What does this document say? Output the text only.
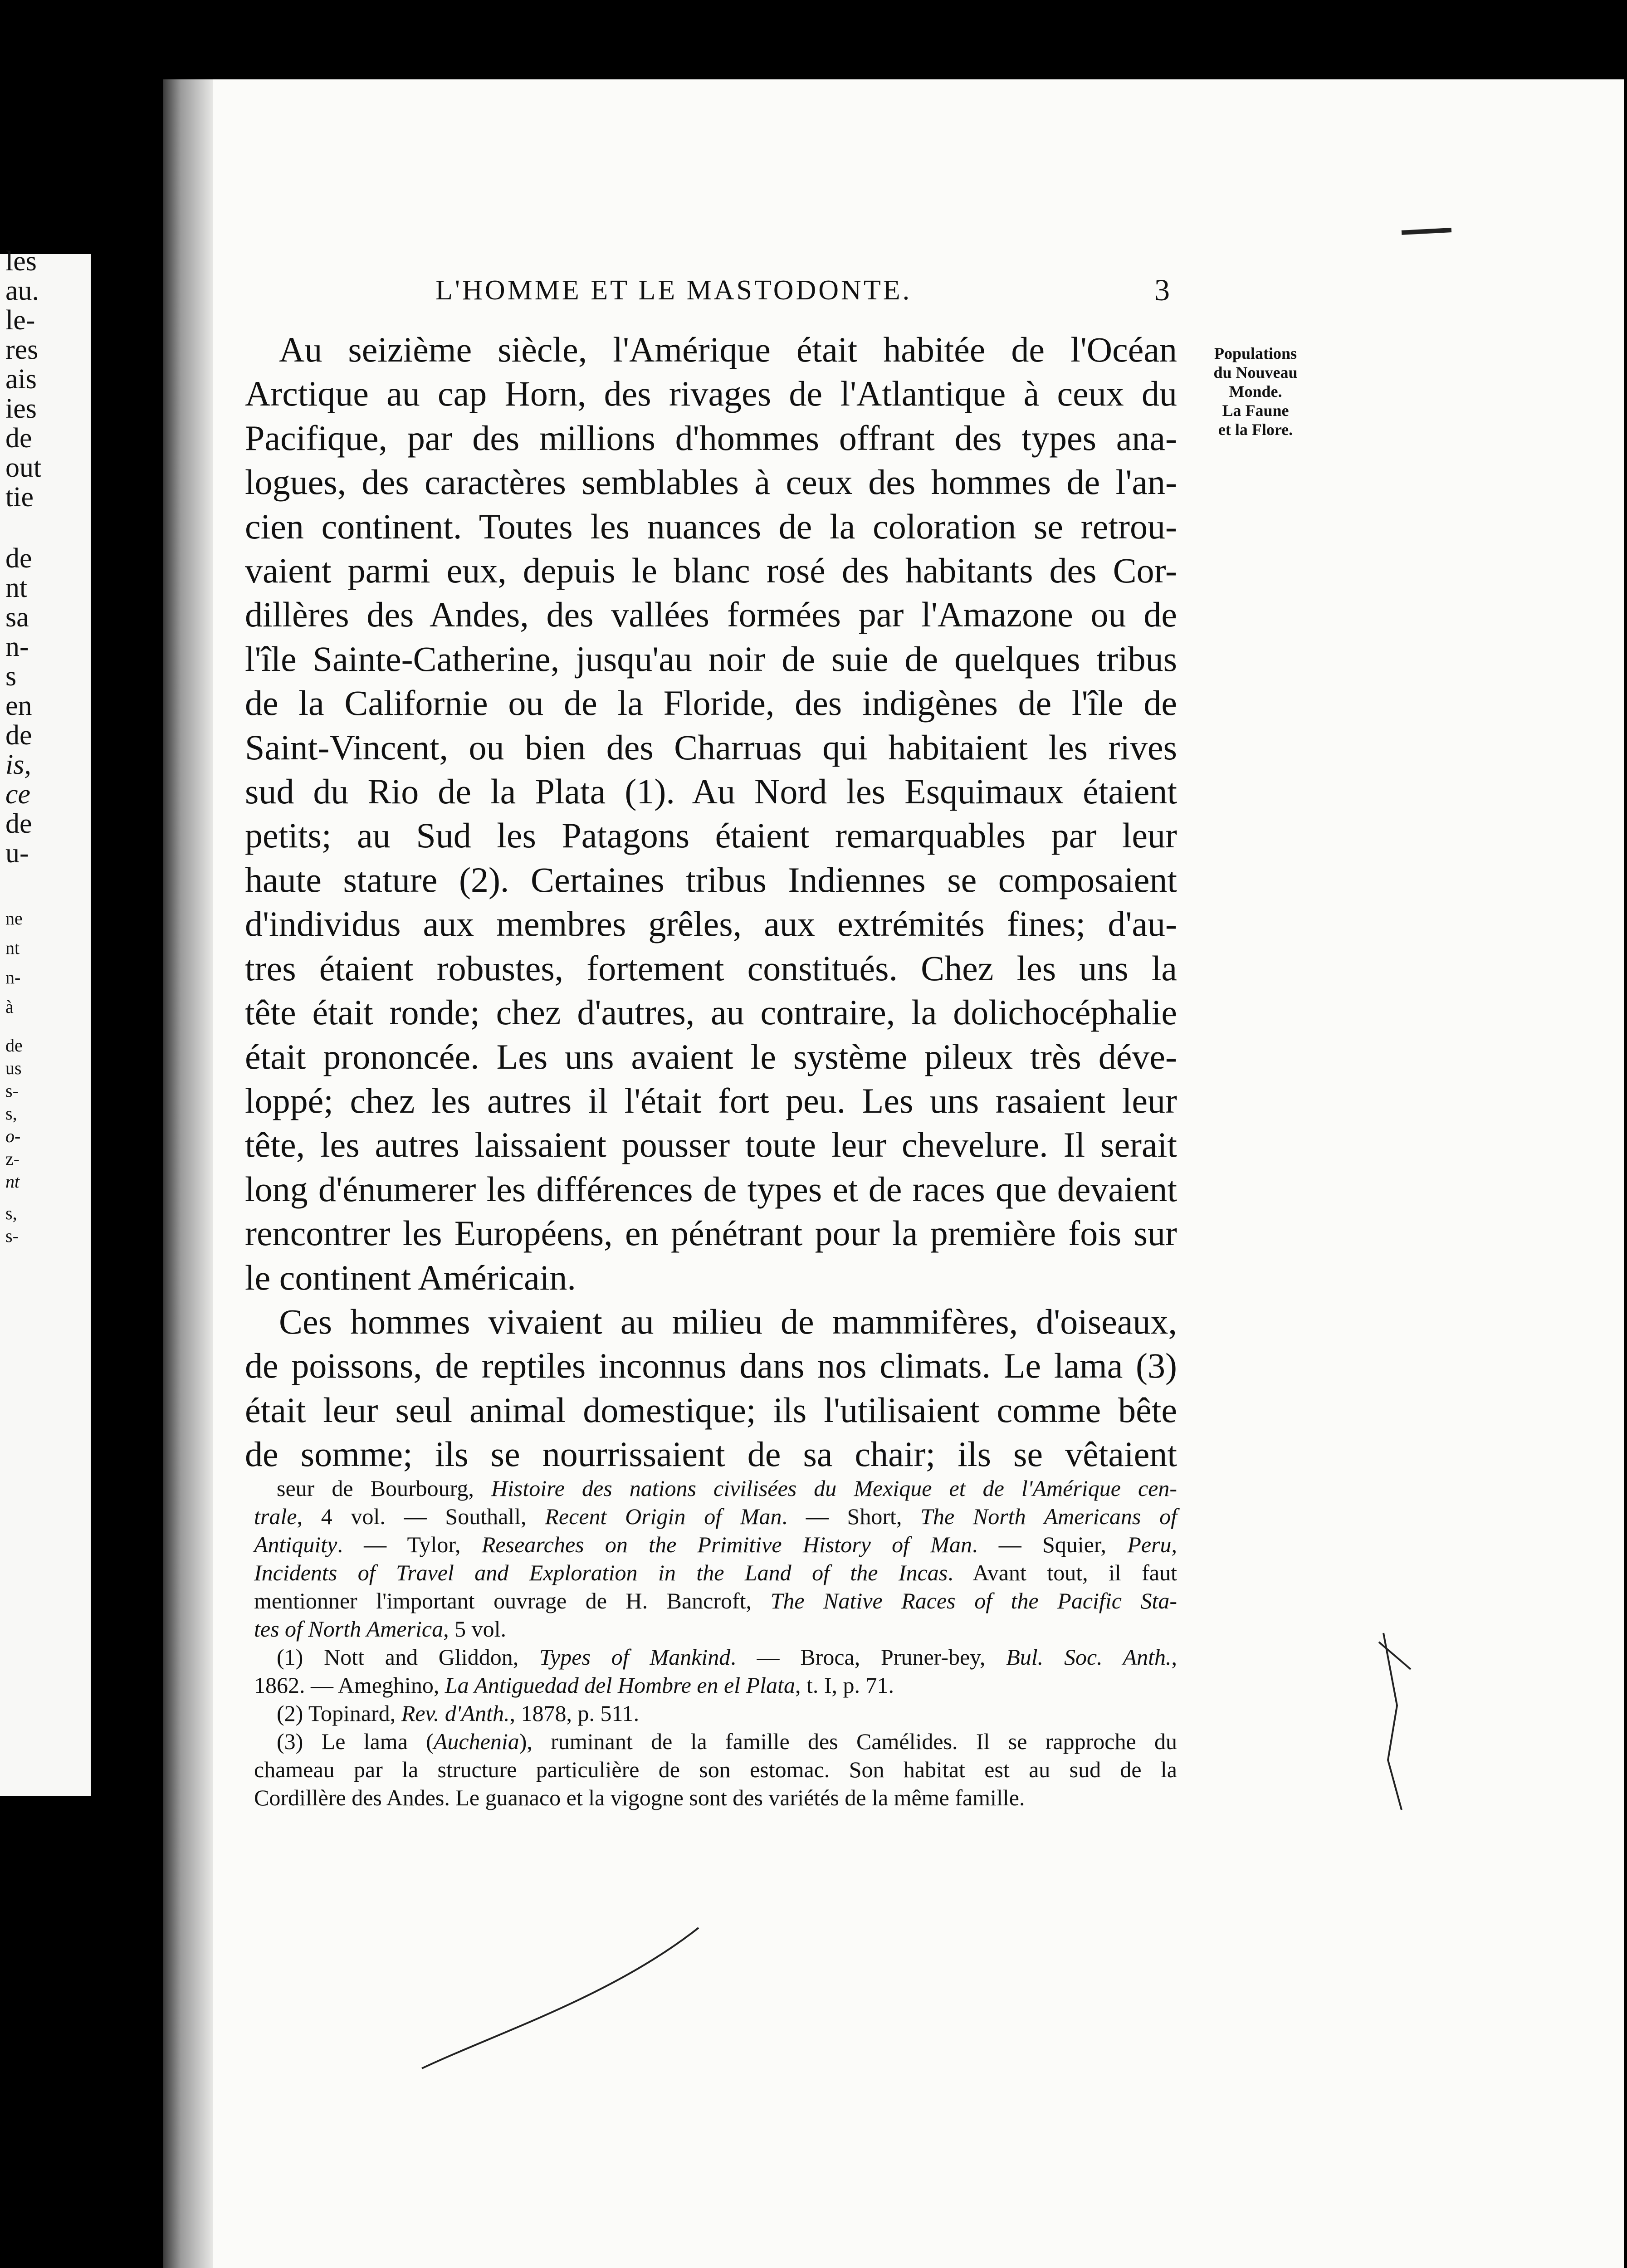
les
au.
le-
res
ais
ies
de
out
tie
de
nt
sa
n-
s
en
de
is,
ce
de
u-
ne
nt
n-
à
de
us
s-
s,
o-
z-
nt
s,
s-
L'HOMME ET LE MASTODONTE.	3
Populations
du Nouveau
Monde.
La Faune
et la Flore.
Au seizième siècle, l'Amérique était habitée de l'Océan
Arctique au cap Horn, des rivages de l'Atlantique à ceux du
Pacifique, par des millions d'hommes offrant des types ana-
logues, des caractères semblables à ceux des hommes de l'an-
cien continent. Toutes les nuances de la coloration se retrou-
vaient parmi eux, depuis le blanc rosé des habitants des Cor-
dillères des Andes, des vallées formées par l'Amazone ou de
l'île Sainte-Catherine, jusqu'au noir de suie de quelques tribus
de la Californie ou de la Floride, des indigènes de l'île de
Saint-Vincent, ou bien des Charruas qui habitaient les rives
sud du Rio de la Plata (1). Au Nord les Esquimaux étaient
petits; au Sud les Patagons étaient remarquables par leur
haute stature (2). Certaines tribus Indiennes se composaient
d'individus aux membres grêles, aux extrémités fines; d'au-
tres étaient robustes, fortement constitués. Chez les uns la
tête était ronde; chez d'autres, au contraire, la dolichocéphalie
était prononcée. Les uns avaient le système pileux très déve-
loppé; chez les autres il l'était fort peu. Les uns rasaient leur
tête, les autres laissaient pousser toute leur chevelure. Il serait
long d'énumerer les différences de types et de races que devaient
rencontrer les Européens, en pénétrant pour la première fois sur
le continent Américain.
Ces hommes vivaient au milieu de mammifères, d'oiseaux,
de poissons, de reptiles inconnus dans nos climats. Le lama (3)
était leur seul animal domestique; ils l'utilisaient comme bête
de somme; ils se nourrissaient de sa chair; ils se vêtaient
seur de Bourbourg, Histoire des nations civilisées du Mexique et de l'Amérique cen-
trale, 4 vol. — Southall, Recent Origin of Man. — Short, The North Americans of
Antiquity. — Tylor, Researches on the Primitive History of Man. — Squier, Peru,
Incidents of Travel and Exploration in the Land of the Incas. Avant tout, il faut
mentionner l'important ouvrage de H. Bancroft, The Native Races of the Pacific Sta-
tes of North America, 5 vol.
(1) Nott and Gliddon, Types of Mankind. — Broca, Pruner-bey, Bul. Soc. Anth.,
1862. — Ameghino, La Antiguedad del Hombre en el Plata, t. I, p. 71.
(2) Topinard, Rev. d'Anth., 1878, p. 511.
(3) Le lama (Auchenia), ruminant de la famille des Camélides. Il se rapproche du
chameau par la structure particulière de son estomac. Son habitat est au sud de la
Cordillère des Andes. Le guanaco et la vigogne sont des variétés de la même famille.
